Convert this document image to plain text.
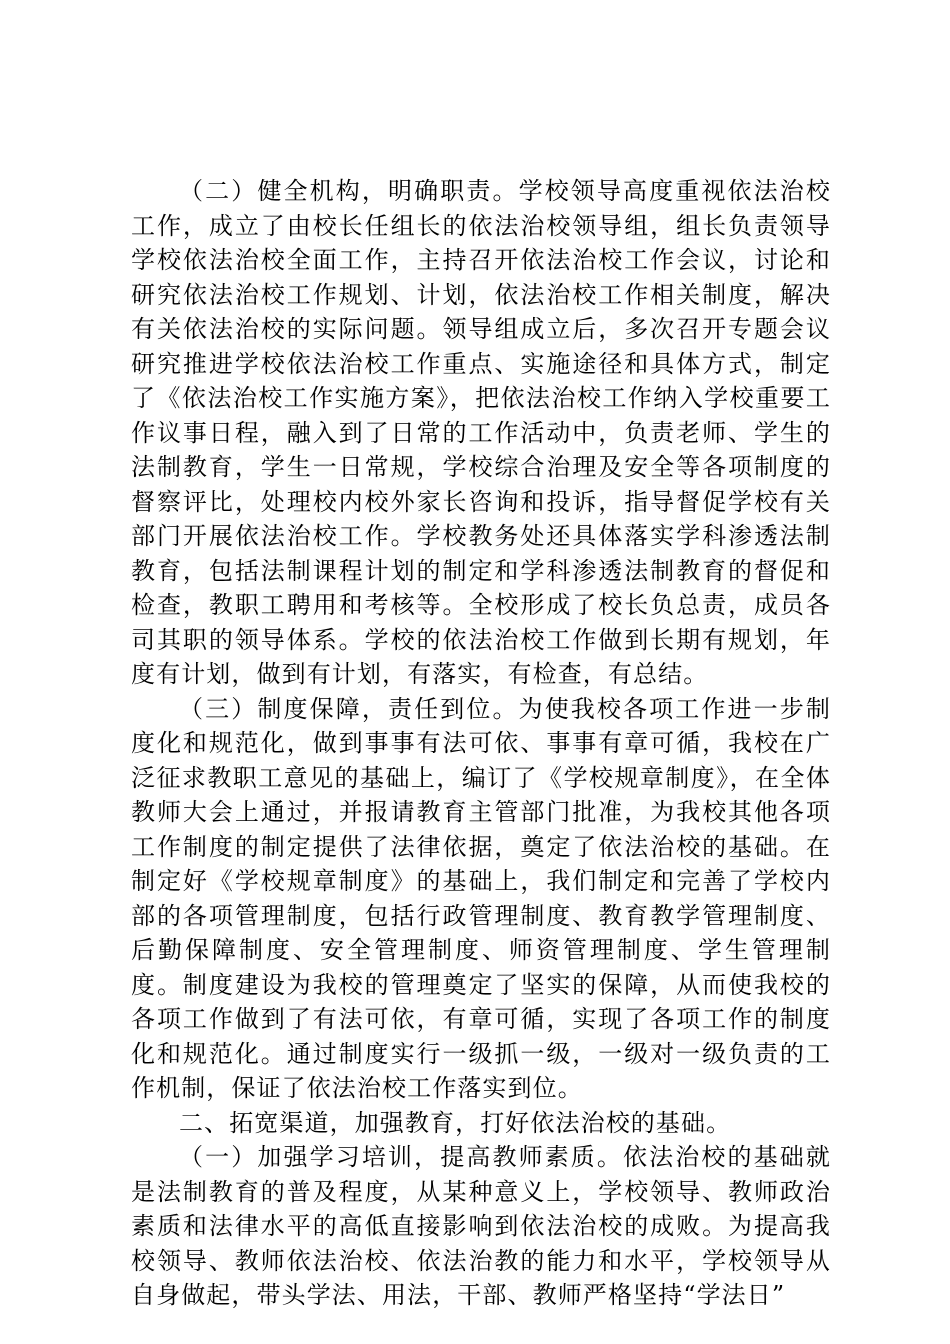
（二）健全机构，明确职责。学校领导高度重视依法治校工作，成立了由校长任组长的依法治校领导组，组长负责领导学校依法治校全面工作，主持召开依法治校工作会议，讨论和研究依法治校工作规划、计划，依法治校工作相关制度，解决有关依法治校的实际问题。领导组成立后，多次召开专题会议研究推进学校依法治校工作重点、实施途径和具体方式，制定了《依法治校工作实施方案》，把依法治校工作纳入学校重要工作议事日程，融入到了日常的工作活动中，负责老师、学生的法制教育，学生一日常规，学校综合治理及安全等各项制度的督察评比，处理校内校外家长咨询和投诉，指导督促学校有关部门开展依法治校工作。学校教务处还具体落实学科渗透法制教育，包括法制课程计划的制定和学科渗透法制教育的督促和检查，教职工聘用和考核等。全校形成了校长负总责，成员各司其职的领导体系。学校的依法治校工作做到长期有规划，年度有计划，做到有计划，有落实，有检查，有总结。

（三）制度保障，责任到位。为使我校各项工作进一步制度化和规范化，做到事事有法可依、事事有章可循，我校在广泛征求教职工意见的基础上，编订了《学校规章制度》，在全体教师大会上通过，并报请教育主管部门批准，为我校其他各项工作制度的制定提供了法律依据，奠定了依法治校的基础。在制定好《学校规章制度》的基础上，我们制定和完善了学校内部的各项管理制度，包括行政管理制度、教育教学管理制度、后勤保障制度、安全管理制度、师资管理制度、学生管理制度。制度建设为我校的管理奠定了坚实的保障，从而使我校的各项工作做到了有法可依，有章可循，实现了各项工作的制度化和规范化。通过制度实行一级抓一级，一级对一级负责的工作机制，保证了依法治校工作落实到位。

二、拓宽渠道，加强教育，打好依法治校的基础。

（一）加强学习培训，提高教师素质。依法治校的基础就是法制教育的普及程度，从某种意义上，学校领导、教师政治素质和法律水平的高低直接影响到依法治校的成败。为提高我校领导、教师依法治校、依法治教的能力和水平，学校领导从自身做起，带头学法、用法，干部、教师严格坚持“学法日”
